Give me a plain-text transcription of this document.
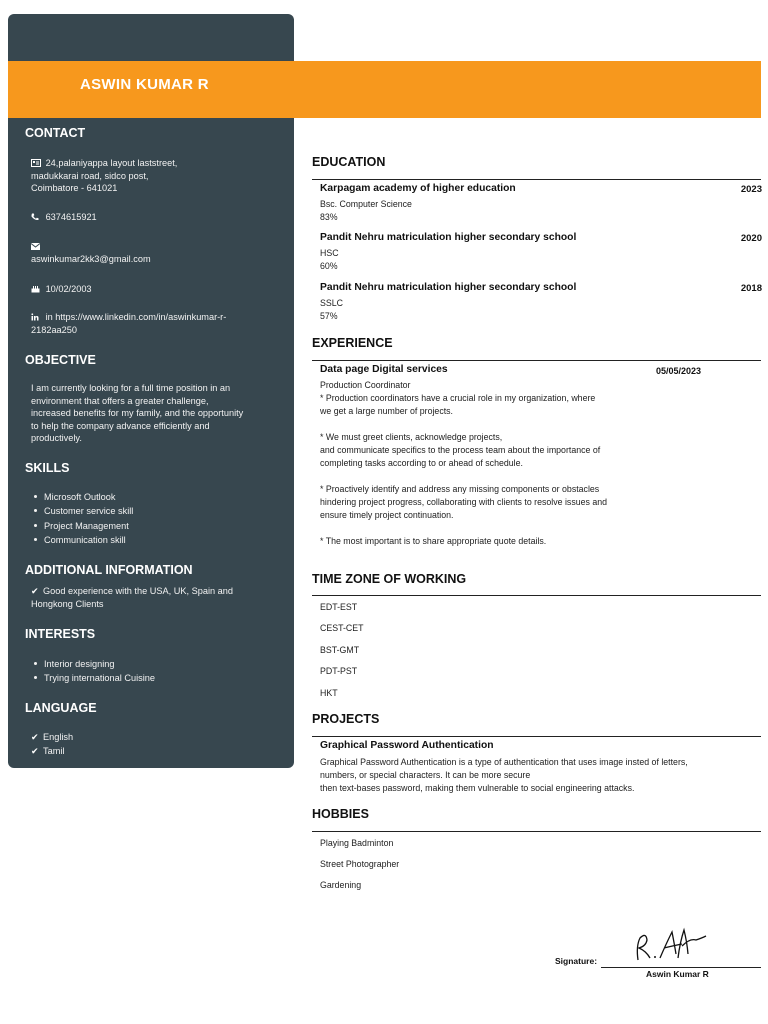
ASWIN KUMAR R
CONTACT
24,palaniyappa layout laststreet,
madukkarai road, sidco post,
Coimbatore - 641021
6374615921
aswinkumar2kk3@gmail.com
10/02/2003
in https://www.linkedin.com/in/aswinkumar-r-
2182aa250
OBJECTIVE
I am currently looking for a full time position in an
environment that offers a greater challenge,
increased benefits for my family, and the opportunity
to help the company advance efficiently and
productively.
SKILLS
Microsoft Outlook
Customer service skill
Project Management
Communication skill
ADDITIONAL INFORMATION
✔ Good experience with the USA, UK, Spain and
Hongkong Clients
INTERESTS
Interior designing
Trying international Cuisine
LANGUAGE
✔ English
✔ Tamil
EDUCATION
Karpagam academy of higher education	2023
Bsc. Computer Science
83%
Pandit Nehru matriculation higher secondary school	2020
HSC
60%
Pandit Nehru matriculation higher secondary school	2018
SSLC
57%
EXPERIENCE
Data page Digital services	05/05/2023
Production Coordinator
* Production coordinators have a crucial role in my organization, where
we get a large number of projects.
* We must greet clients, acknowledge projects,
and communicate specifics to the process team about the importance of
completing tasks according to or ahead of schedule.
* Proactively identify and address any missing components or obstacles
hindering project progress, collaborating with clients to resolve issues and
ensure timely project continuation.
* The most important is to share appropriate quote details.
TIME ZONE OF WORKING
EDT-EST
CEST-CET
BST-GMT
PDT-PST
HKT
PROJECTS
Graphical Password Authentication
Graphical Password Authentication is a type of authentication that uses image insted of letters,
numbers, or special characters. It can be more secure
then text-bases password, making them vulnerable to social engineering attacks.
HOBBIES
Playing Badminton
Street Photographer
Gardening
Signature:
Aswin Kumar R
